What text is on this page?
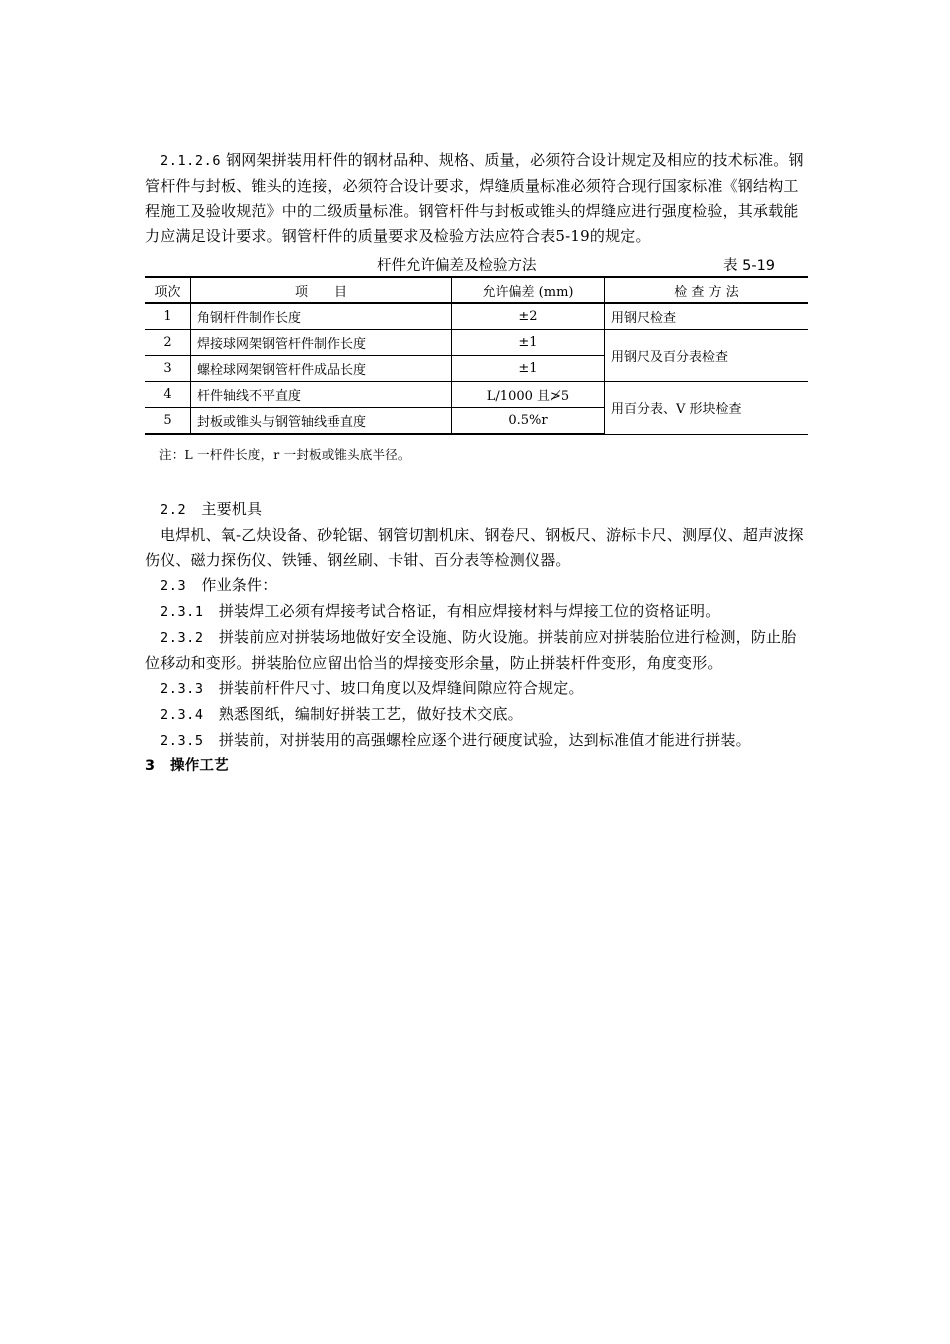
2.1.2.6 钢网架拼装用杆件的钢材品种、规格、质量，必须符合设计规定及相应的技术标准。钢管杆件与封板、锥头的连接，必须符合设计要求，焊缝质量标准必须符合现行国家标准《钢结构工程施工及验收规范》中的二级质量标准。钢管杆件与封板或锥头的焊缝应进行强度检验，其承载能力应满足设计要求。钢管杆件的质量要求及检验方法应符合表5-19的规定。

杆件允许偏差及检验方法	表 5-19
项次	项　　目	允许偏差 (mm)	检 查 方 法
1	角钢杆件制作长度	±2	用钢尺检查
2	焊接球网架钢管杆件制作长度	±1	用钢尺及百分表检查
3	螺栓球网架钢管杆件成品长度	±1	
4	杆件轴线不平直度	L/1000 且≯5	用百分表、V 形块检查
5	封板或锥头与钢管轴线垂直度	0.5%r	

注：L 一杆件长度，r 一封板或锥头底半径。

2.2　 主要机具

电焊机、氧-乙炔设备、砂轮锯、钢管切割机床、钢卷尺、钢板尺、游标卡尺、测厚仪、超声波探伤仪、磁力探伤仪、铁锤、钢丝刷、卡钳、百分表等检测仪器。

2.3　 作业条件：

2.3.1　 拼装焊工必须有焊接考试合格证，有相应焊接材料与焊接工位的资格证明。

2.3.2　 拼装前应对拼装场地做好安全设施、防火设施。拼装前应对拼装胎位进行检测，防止胎位移动和变形。拼装胎位应留出恰当的焊接变形余量，防止拼装杆件变形，角度变形。

2.3.3　 拼装前杆件尺寸、坡口角度以及焊缝间隙应符合规定。

2.3.4　 熟悉图纸，编制好拼装工艺，做好技术交底。

2.3.5　 拼装前，对拼装用的高强螺栓应逐个进行硬度试验，达到标准值才能进行拼装。

3　 操作工艺
